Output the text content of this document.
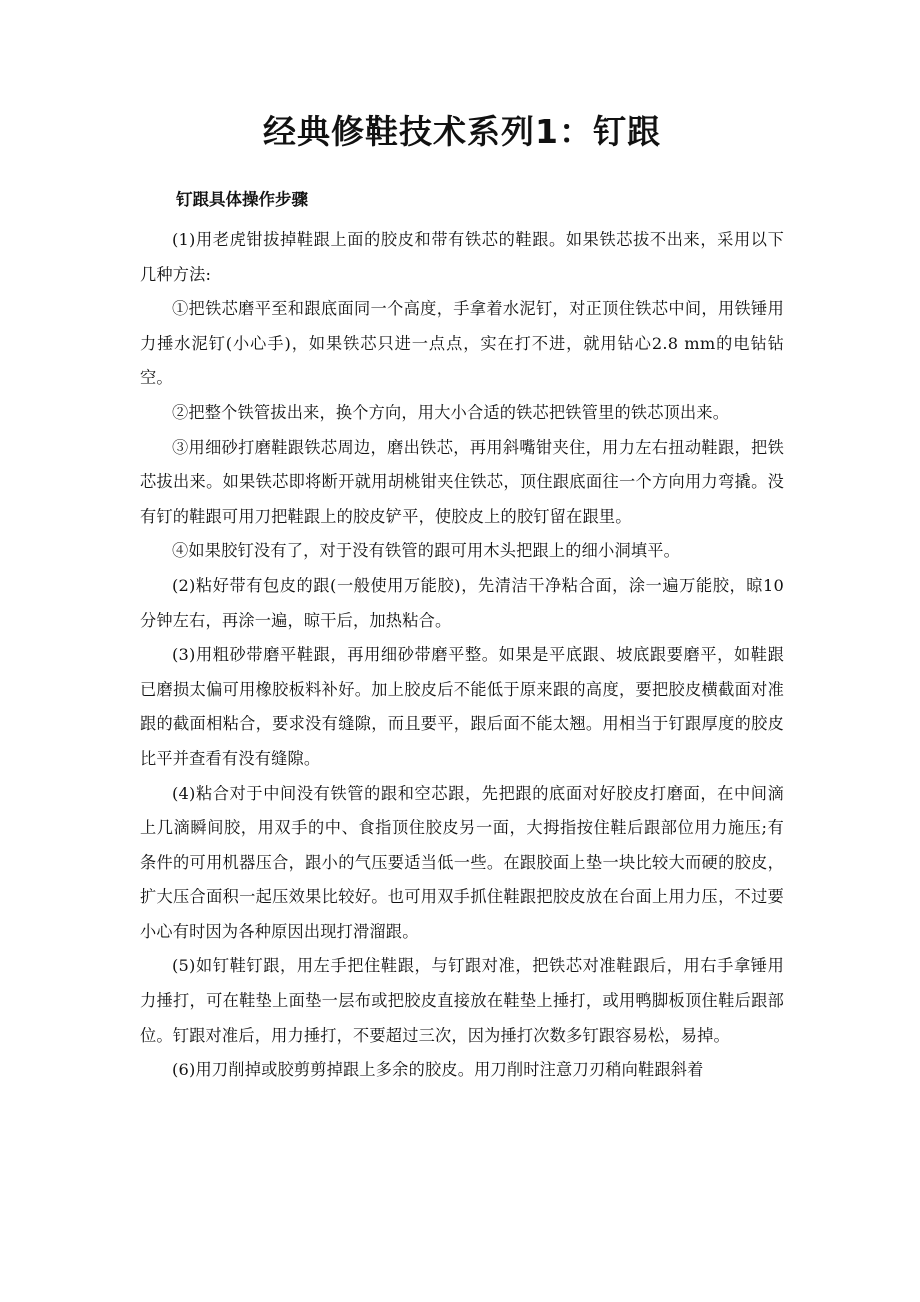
经典修鞋技术系列1：钉跟
钉跟具体操作步骤

(1)用老虎钳拔掉鞋跟上面的胶皮和带有铁芯的鞋跟。如果铁芯拔不出来，采用以下几种方法:

①把铁芯磨平至和跟底面同一个高度，手拿着水泥钉，对正顶住铁芯中间，用铁锤用力捶水泥钉(小心手)，如果铁芯只进一点点，实在打不进，就用钻心2.8 mm的电钻钻空。

②把整个铁管拔出来，换个方向，用大小合适的铁芯把铁管里的铁芯顶出来。

③用细砂打磨鞋跟铁芯周边，磨出铁芯，再用斜嘴钳夹住，用力左右扭动鞋跟，把铁芯拔出来。如果铁芯即将断开就用胡桃钳夹住铁芯，顶住跟底面往一个方向用力弯撬。没有钉的鞋跟可用刀把鞋跟上的胶皮铲平，使胶皮上的胶钉留在跟里。

④如果胶钉没有了，对于没有铁管的跟可用木头把跟上的细小洞填平。

(2)粘好带有包皮的跟(一般使用万能胶)，先清洁干净粘合面，涂一遍万能胶，晾10分钟左右，再涂一遍，晾干后，加热粘合。

(3)用粗砂带磨平鞋跟，再用细砂带磨平整。如果是平底跟、坡底跟要磨平，如鞋跟已磨损太偏可用橡胶板料补好。加上胶皮后不能低于原来跟的高度，要把胶皮横截面对准跟的截面相粘合，要求没有缝隙，而且要平，跟后面不能太翘。用相当于钉跟厚度的胶皮比平并查看有没有缝隙。

(4)粘合对于中间没有铁管的跟和空芯跟，先把跟的底面对好胶皮打磨面，在中间滴上几滴瞬间胶，用双手的中、食指顶住胶皮另一面，大拇指按住鞋后跟部位用力施压;有条件的可用机器压合，跟小的气压要适当低一些。在跟胶面上垫一块比较大而硬的胶皮，扩大压合面积一起压效果比较好。也可用双手抓住鞋跟把胶皮放在台面上用力压，不过要小心有时因为各种原因出现打滑溜跟。

(5)如钉鞋钉跟，用左手把住鞋跟，与钉跟对准，把铁芯对准鞋跟后，用右手拿锤用力捶打，可在鞋垫上面垫一层布或把胶皮直接放在鞋垫上捶打，或用鸭脚板顶住鞋后跟部位。钉跟对准后，用力捶打，不要超过三次，因为捶打次数多钉跟容易松，易掉。

(6)用刀削掉或胶剪剪掉跟上多余的胶皮。用刀削时注意刀刃稍向鞋跟斜着
